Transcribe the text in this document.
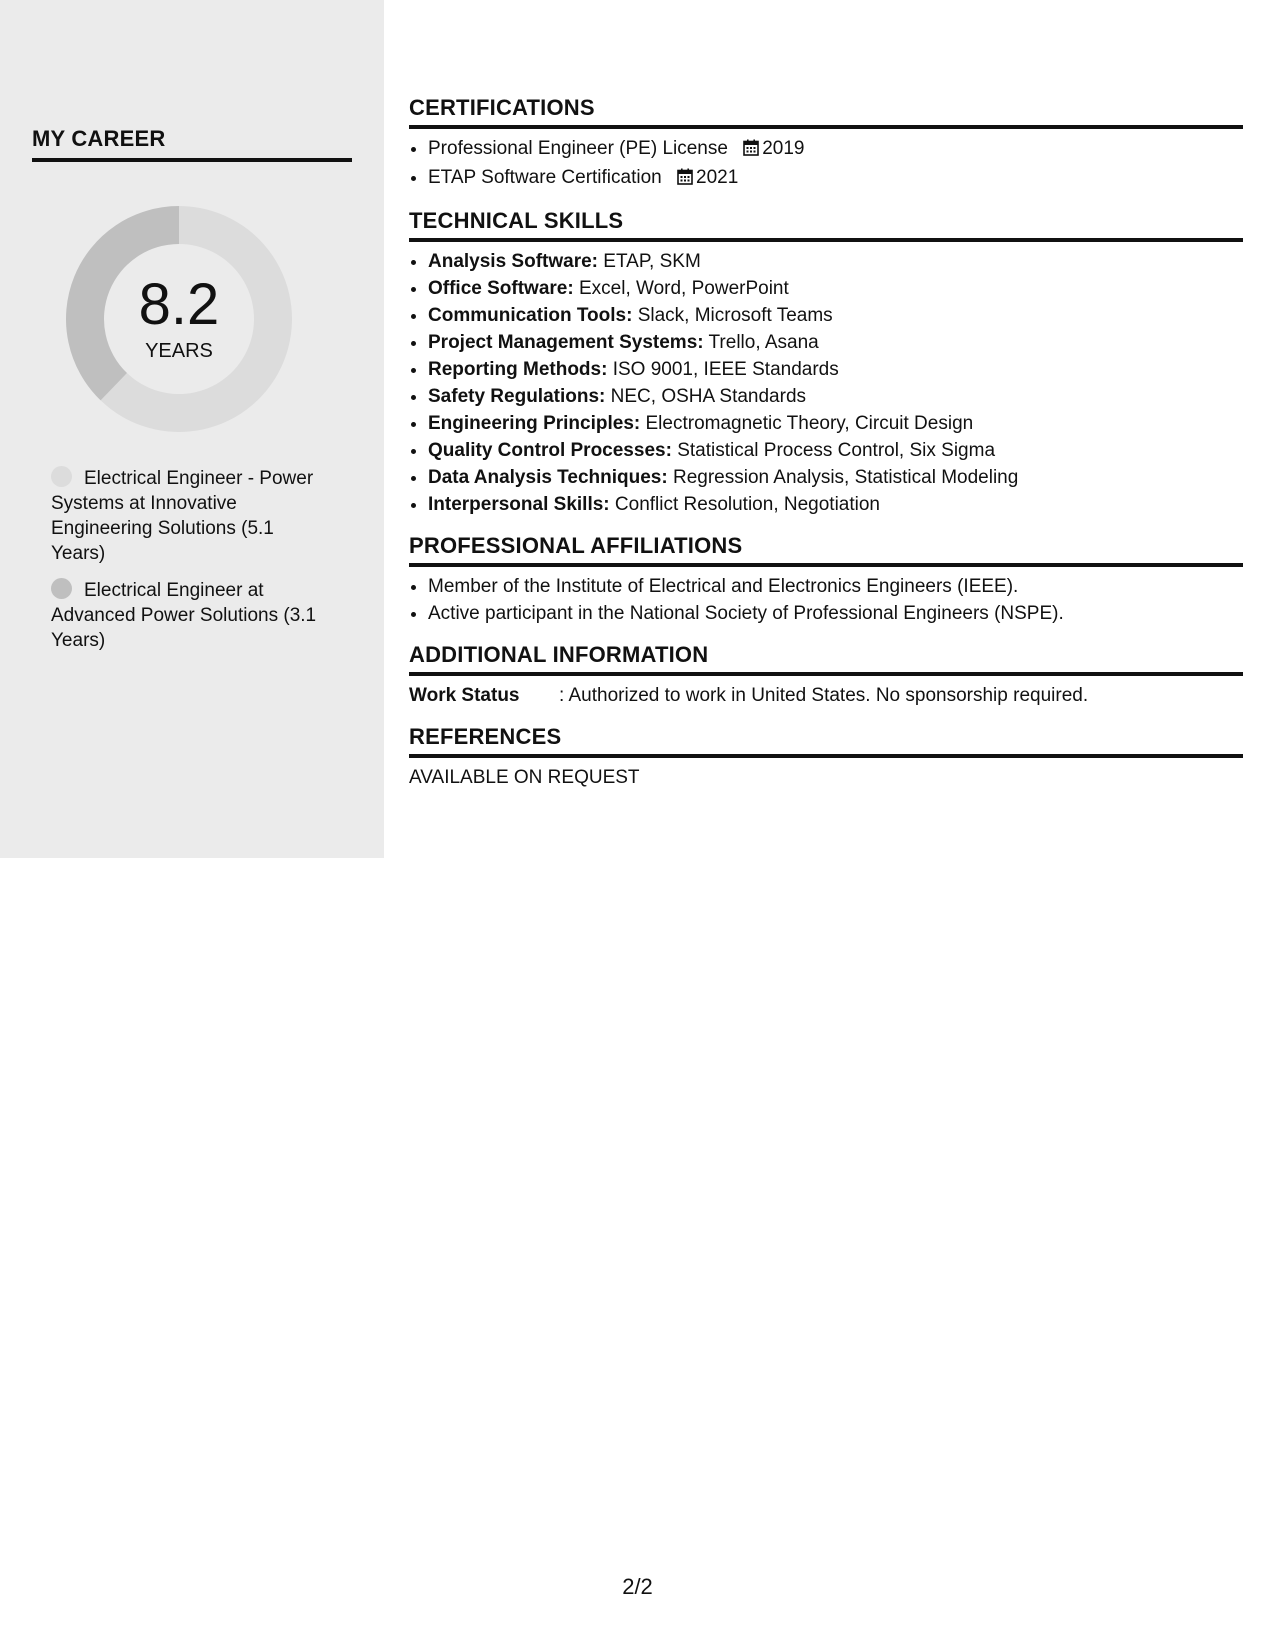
MY CAREER
8.2
YEARS
Electrical Engineer - Power Systems at Innovative Engineering Solutions (5.1 Years)
Electrical Engineer at Advanced Power Solutions (3.1 Years)
CERTIFICATIONS
• Professional Engineer (PE) License 2019
• ETAP Software Certification 2021
TECHNICAL SKILLS
• Analysis Software: ETAP, SKM
• Office Software: Excel, Word, PowerPoint
• Communication Tools: Slack, Microsoft Teams
• Project Management Systems: Trello, Asana
• Reporting Methods: ISO 9001, IEEE Standards
• Safety Regulations: NEC, OSHA Standards
• Engineering Principles: Electromagnetic Theory, Circuit Design
• Quality Control Processes: Statistical Process Control, Six Sigma
• Data Analysis Techniques: Regression Analysis, Statistical Modeling
• Interpersonal Skills: Conflict Resolution, Negotiation
PROFESSIONAL AFFILIATIONS
• Member of the Institute of Electrical and Electronics Engineers (IEEE).
• Active participant in the National Society of Professional Engineers (NSPE).
ADDITIONAL INFORMATION
Work Status	: Authorized to work in United States. No sponsorship required.
REFERENCES
AVAILABLE ON REQUEST
2/2
